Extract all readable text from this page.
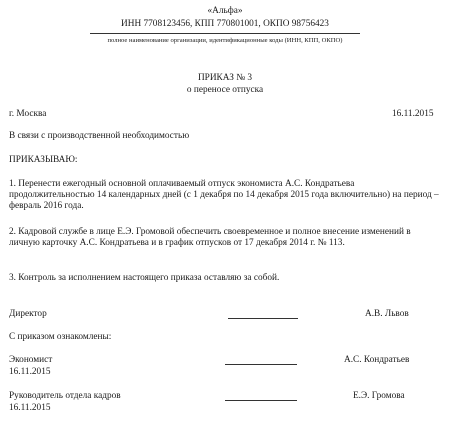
«Альфа»
ИНН 7708123456, КПП 770801001, ОКПО 98756423
полное наименование организации, идентификационные коды (ИНН, КПП, ОКПО)
ПРИКАЗ № 3
о переносе отпуска
г. Москва	16.11.2015
В связи с производственной необходимостью
ПРИКАЗЫВАЮ:
1. Перенести ежегодный основной оплачиваемый отпуск экономиста А.С. Кондратьева продолжительностью 14 календарных дней (с 1 декабря по 14 декабря 2015 года включительно) на период – февраль 2016 года.
2. Кадровой службе в лице Е.Э. Громовой обеспечить своевременное и полное внесение изменений в личную карточку А.С. Кондратьева и в график отпусков от 17 декабря 2014 г. № 113.
3. Контроль за исполнением настоящего приказа оставляю за собой.
Директор	А.В. Львов
С приказом ознакомлены:
Экономист	А.С. Кондратьев
16.11.2015
Руководитель отдела кадров	Е.Э. Громова
16.11.2015
